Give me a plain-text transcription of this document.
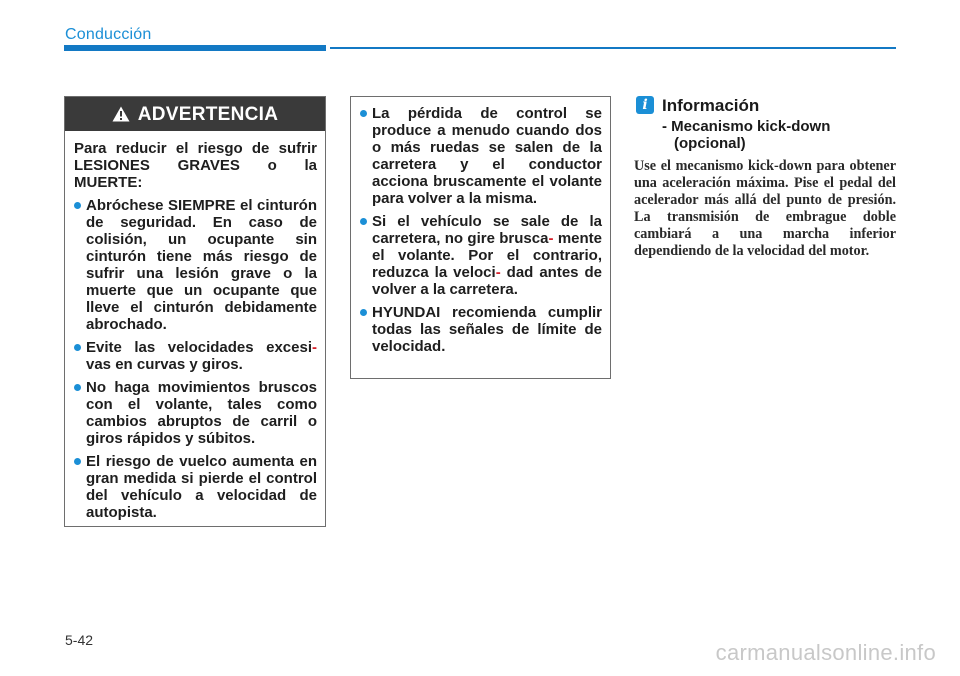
Conducción
ADVERTENCIA

Para reducir el riesgo de sufrir LESIONES GRAVES o la MUERTE:

Abróchese SIEMPRE el cinturón de seguridad. En caso de colisión, un ocupante sin cinturón tiene más riesgo de sufrir una lesión grave o la muerte que un ocupante que lleve el cinturón debidamente abrochado.
Evite las velocidades excesi- vas en curvas y giros.
No haga movimientos bruscos con el volante, tales como cambios abruptos de carril o giros rápidos y súbitos.
El riesgo de vuelco aumenta en gran medida si pierde el control del vehículo a velocidad de autopista.
La pérdida de control se produce a menudo cuando dos o más ruedas se salen de la carretera y el conductor acciona bruscamente el volante para volver a la misma.
Si el vehículo se sale de la carretera, no gire brusca- mente el volante. Por el contrario, reduzca la veloci- dad antes de volver a la carretera.
HYUNDAI recomienda cumplir todas las señales de límite de velocidad.
i Información
- Mecanismo kick-down
(opcional)
Use el mecanismo kick-down para obtener una aceleración máxima. Pise el pedal del acelerador más allá del punto de presión. La transmisión de embrague doble cambiará a una marcha inferior dependiendo de la velocidad del motor.
5-42	carmanualsonline.info
